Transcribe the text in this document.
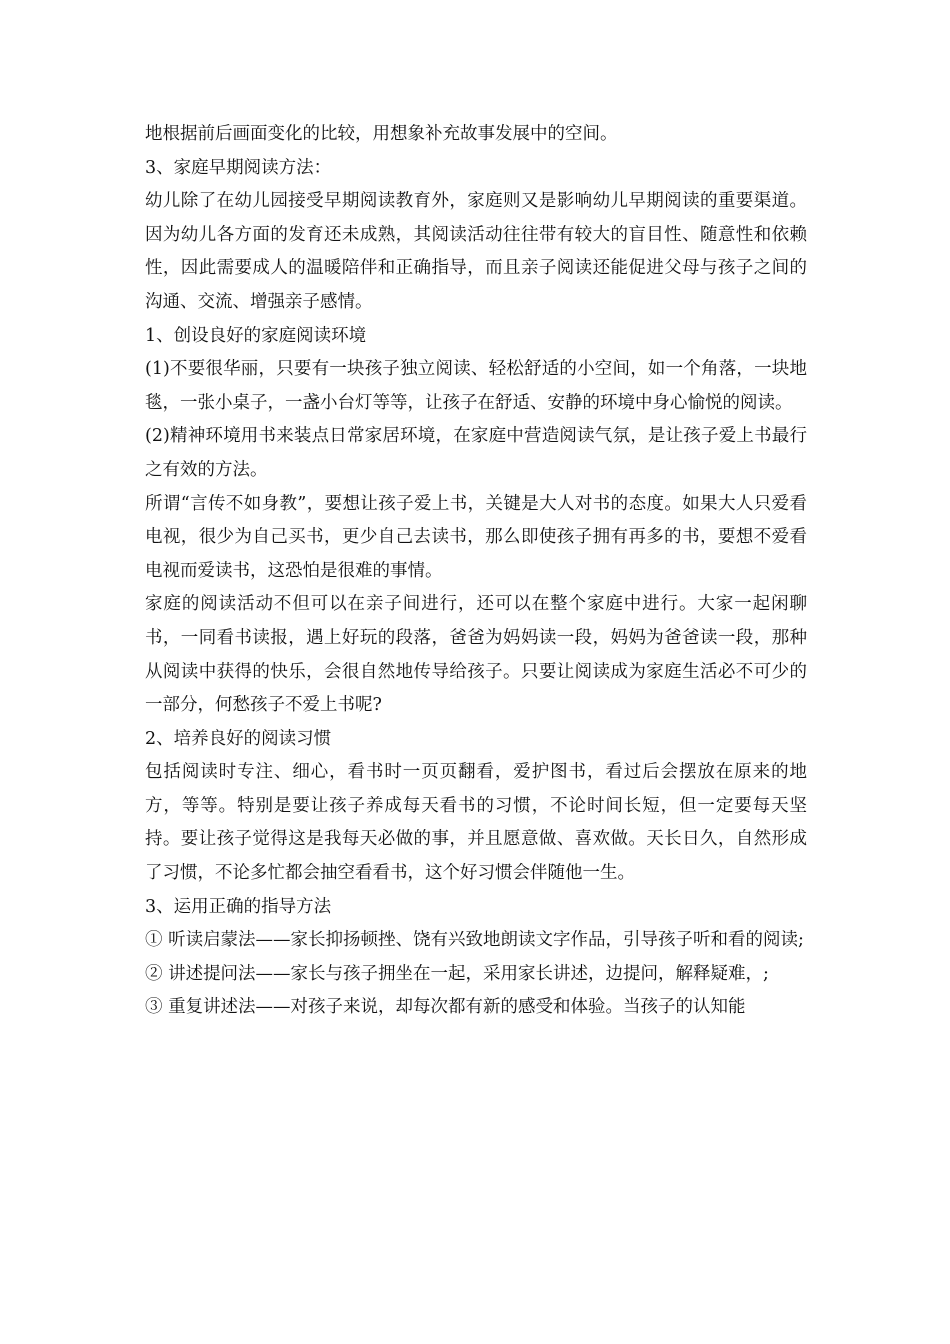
地根据前后画面变化的比较，用想象补充故事发展中的空间。

3、家庭早期阅读方法：

幼儿除了在幼儿园接受早期阅读教育外，家庭则又是影响幼儿早期阅读的重要渠道。因为幼儿各方面的发育还未成熟，其阅读活动往往带有较大的盲目性、随意性和依赖性，因此需要成人的温暖陪伴和正确指导，而且亲子阅读还能促进父母与孩子之间的沟通、交流、增强亲子感情。

1、创设良好的家庭阅读环境

(1)不要很华丽，只要有一块孩子独立阅读、轻松舒适的小空间，如一个角落，一块地毯，一张小桌子，一盏小台灯等等，让孩子在舒适、安静的环境中身心愉悦的阅读。

(2)精神环境用书来装点日常家居环境，在家庭中营造阅读气氛，是让孩子爱上书最行之有效的方法。

所谓“言传不如身教”，要想让孩子爱上书，关键是大人对书的态度。如果大人只爱看电视，很少为自己买书，更少自己去读书，那么即使孩子拥有再多的书，要想不爱看电视而爱读书，这恐怕是很难的事情。

家庭的阅读活动不但可以在亲子间进行，还可以在整个家庭中进行。大家一起闲聊书，一同看书读报，遇上好玩的段落，爸爸为妈妈读一段，妈妈为爸爸读一段，那种从阅读中获得的快乐，会很自然地传导给孩子。只要让阅读成为家庭生活必不可少的一部分，何愁孩子不爱上书呢?

2、培养良好的阅读习惯

包括阅读时专注、细心，看书时一页页翻看，爱护图书，看过后会摆放在原来的地方，等等。特别是要让孩子养成每天看书的习惯，不论时间长短，但一定要每天坚持。要让孩子觉得这是我每天必做的事，并且愿意做、喜欢做。天长日久，自然形成了习惯，不论多忙都会抽空看看书，这个好习惯会伴随他一生。

3、运用正确的指导方法

① 听读启蒙法——家长抑扬顿挫、饶有兴致地朗读文字作品，引导孩子听和看的阅读;

② 讲述提问法——家长与孩子拥坐在一起，采用家长讲述，边提问，解释疑难，;

③ 重复讲述法——对孩子来说，却每次都有新的感受和体验。当孩子的认知能
